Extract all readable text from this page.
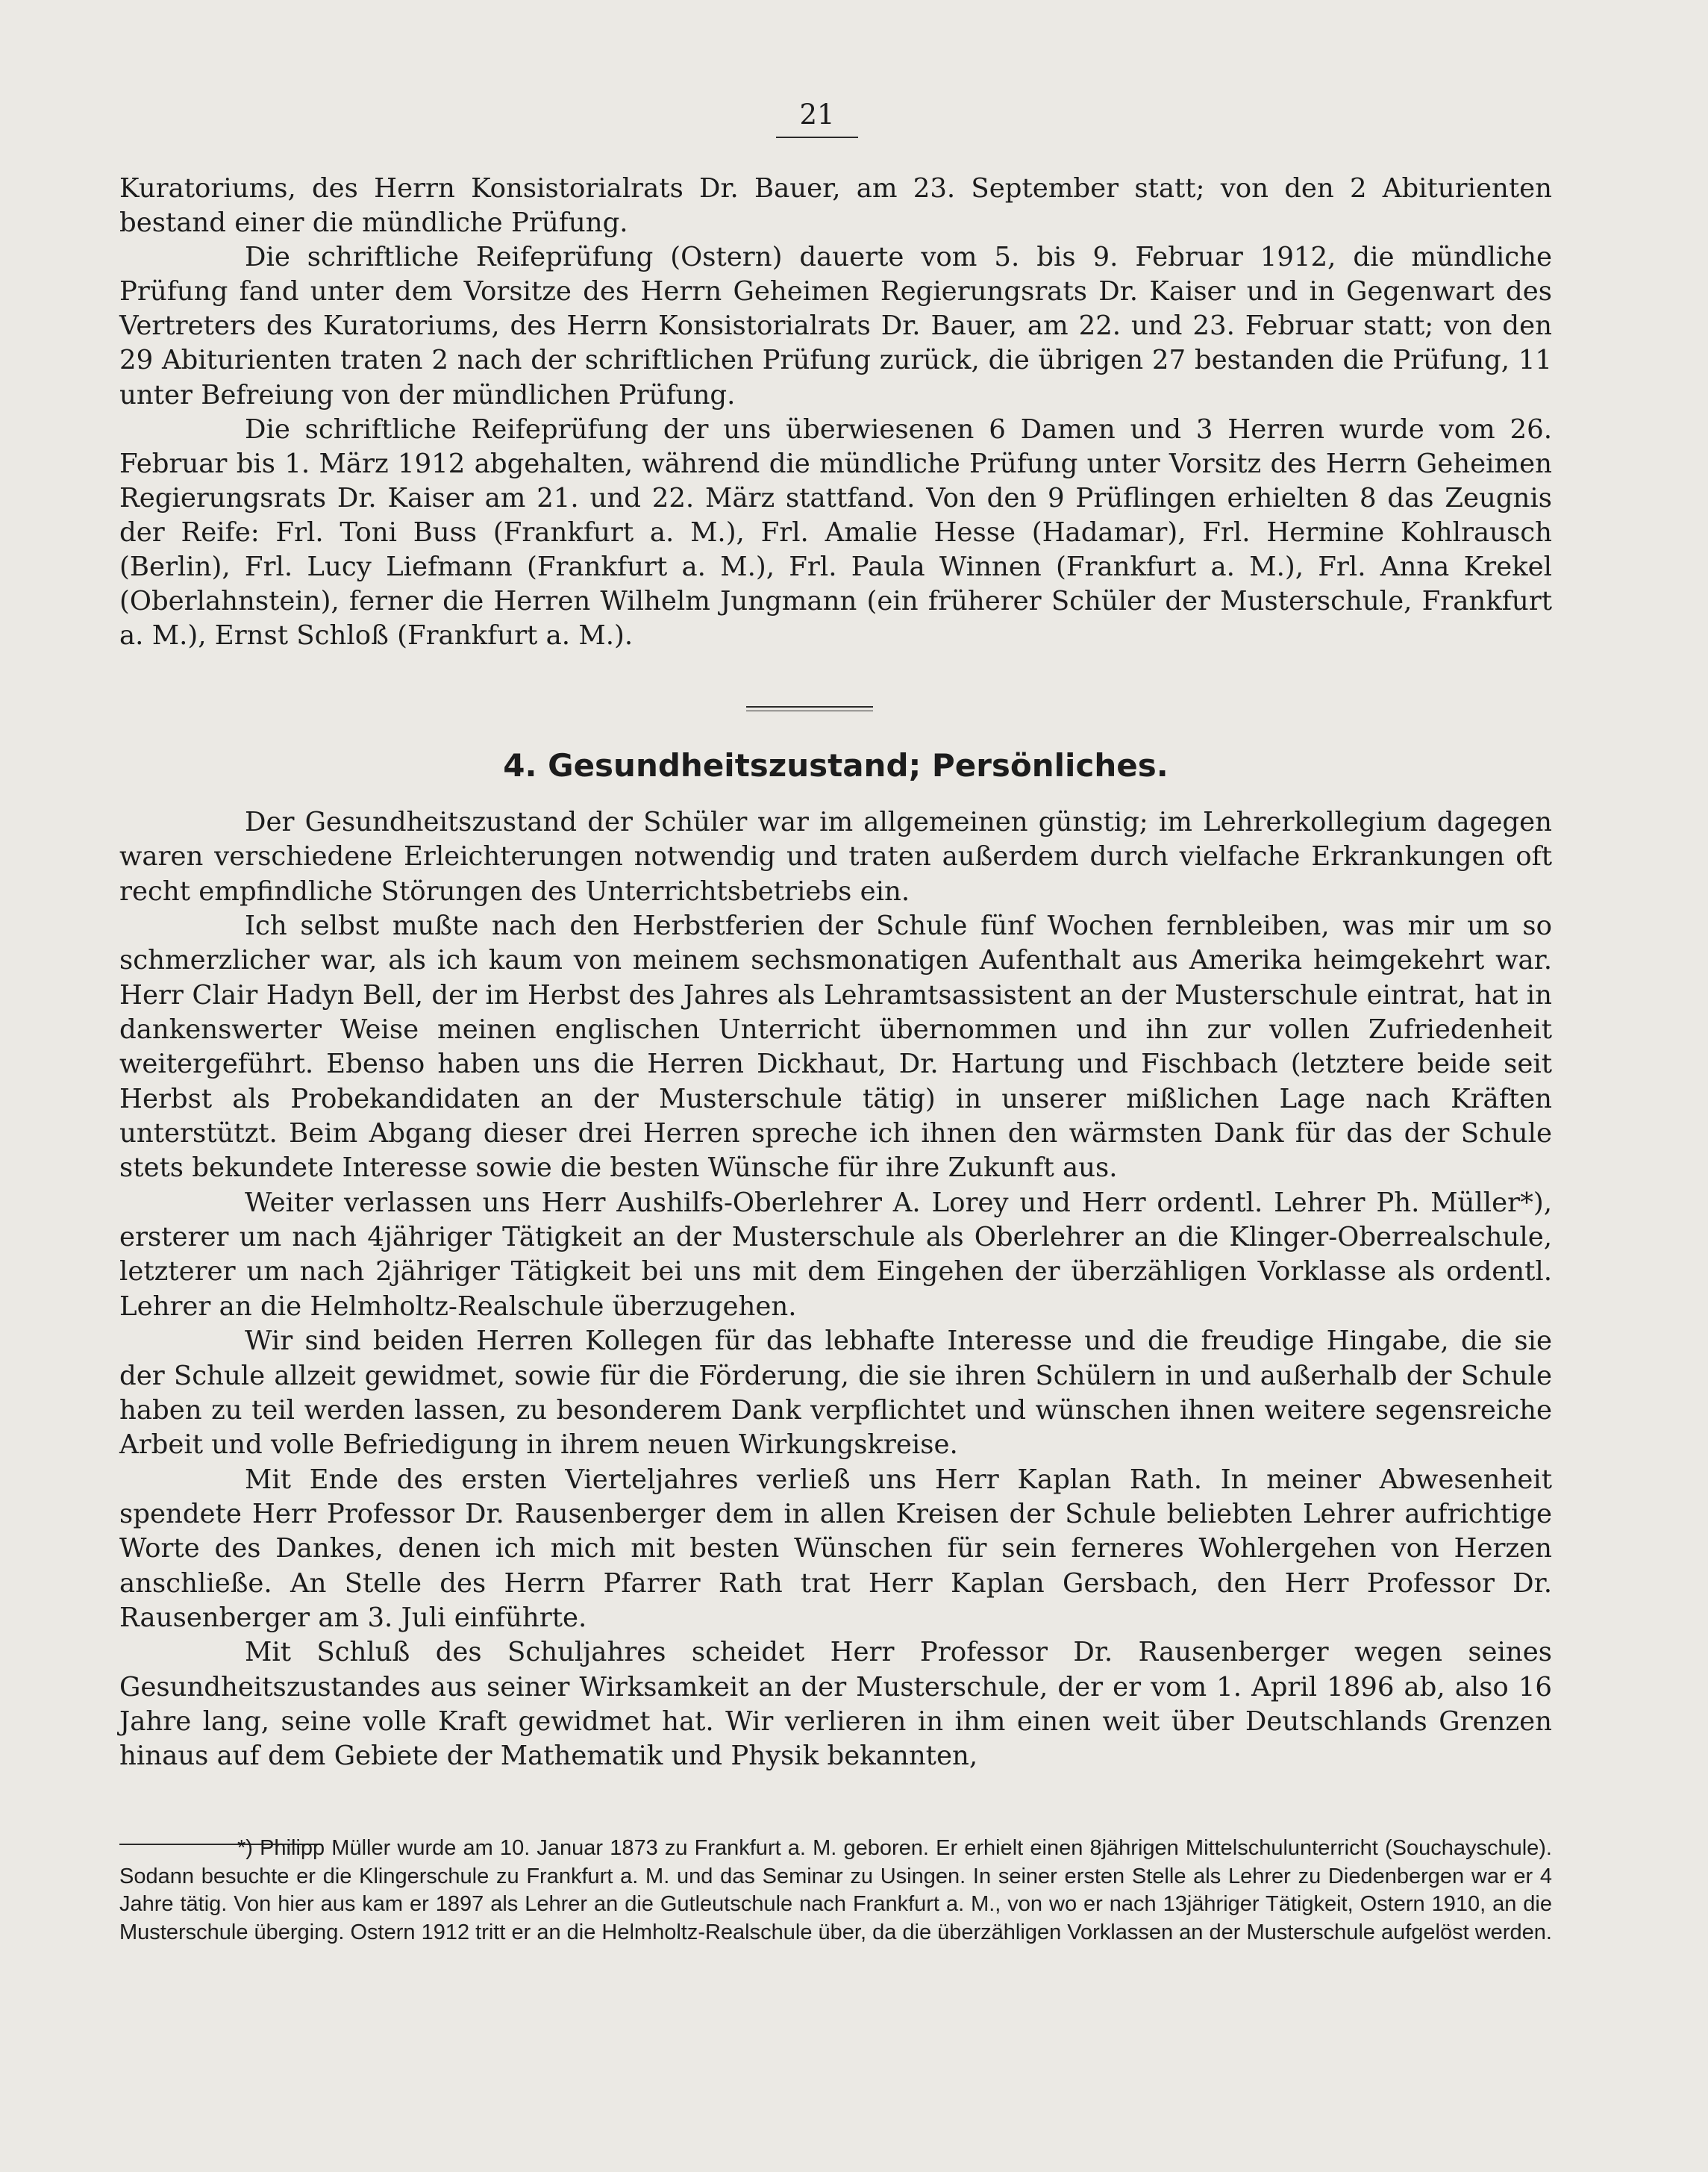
21

Kuratoriums, des Herrn Konsistorialrats Dr. Bauer, am 23. September statt; von den 2 Abiturienten bestand einer die mündliche Prüfung.

Die schriftliche Reifeprüfung (Ostern) dauerte vom 5. bis 9. Februar 1912, die mündliche Prüfung fand unter dem Vorsitze des Herrn Geheimen Regierungsrats Dr. Kaiser und in Gegenwart des Vertreters des Kuratoriums, des Herrn Konsistorialrats Dr. Bauer, am 22. und 23. Februar statt; von den 29 Abiturienten traten 2 nach der schriftlichen Prüfung zurück, die übrigen 27 bestanden die Prüfung, 11 unter Befreiung von der mündlichen Prüfung.

Die schriftliche Reifeprüfung der uns überwiesenen 6 Damen und 3 Herren wurde vom 26. Februar bis 1. März 1912 abgehalten, während die mündliche Prüfung unter Vorsitz des Herrn Geheimen Regierungsrats Dr. Kaiser am 21. und 22. März stattfand. Von den 9 Prüflingen erhielten 8 das Zeugnis der Reife: Frl. Toni Buss (Frankfurt a. M.), Frl. Amalie Hesse (Hadamar), Frl. Hermine Kohlrausch (Berlin), Frl. Lucy Liefmann (Frankfurt a. M.), Frl. Paula Winnen (Frankfurt a. M.), Frl. Anna Krekel (Oberlahnstein), ferner die Herren Wilhelm Jungmann (ein früherer Schüler der Musterschule, Frankfurt a. M.), Ernst Schloß (Frankfurt a. M.).

4. Gesundheitszustand; Persönliches.

Der Gesundheitszustand der Schüler war im allgemeinen günstig; im Lehrerkollegium dagegen waren verschiedene Erleichterungen notwendig und traten außerdem durch vielfache Erkrankungen oft recht empfindliche Störungen des Unterrichtsbetriebs ein.

Ich selbst mußte nach den Herbstferien der Schule fünf Wochen fernbleiben, was mir um so schmerzlicher war, als ich kaum von meinem sechsmonatigen Aufenthalt aus Amerika heimgekehrt war. Herr Clair Hadyn Bell, der im Herbst des Jahres als Lehramtsassistent an der Musterschule eintrat, hat in dankenswerter Weise meinen englischen Unterricht übernommen und ihn zur vollen Zufriedenheit weitergeführt. Ebenso haben uns die Herren Dickhaut, Dr. Hartung und Fischbach (letztere beide seit Herbst als Probekandidaten an der Musterschule tätig) in unserer mißlichen Lage nach Kräften unterstützt. Beim Abgang dieser drei Herren spreche ich ihnen den wärmsten Dank für das der Schule stets bekundete Interesse sowie die besten Wünsche für ihre Zukunft aus.

Weiter verlassen uns Herr Aushilfs-Oberlehrer A. Lorey und Herr ordentl. Lehrer Ph. Müller*), ersterer um nach 4jähriger Tätigkeit an der Musterschule als Oberlehrer an die Klinger-Oberrealschule, letzterer um nach 2jähriger Tätigkeit bei uns mit dem Eingehen der überzähligen Vorklasse als ordentl. Lehrer an die Helmholtz-Realschule überzugehen.

Wir sind beiden Herren Kollegen für das lebhafte Interesse und die freudige Hingabe, die sie der Schule allzeit gewidmet, sowie für die Förderung, die sie ihren Schülern in und außerhalb der Schule haben zu teil werden lassen, zu besonderem Dank verpflichtet und wünschen ihnen weitere segensreiche Arbeit und volle Befriedigung in ihrem neuen Wirkungskreise.

Mit Ende des ersten Vierteljahres verließ uns Herr Kaplan Rath. In meiner Abwesenheit spendete Herr Professor Dr. Rausenberger dem in allen Kreisen der Schule beliebten Lehrer aufrichtige Worte des Dankes, denen ich mich mit besten Wünschen für sein ferneres Wohlergehen von Herzen anschließe. An Stelle des Herrn Pfarrer Rath trat Herr Kaplan Gersbach, den Herr Professor Dr. Rausenberger am 3. Juli einführte.

Mit Schluß des Schuljahres scheidet Herr Professor Dr. Rausenberger wegen seines Gesundheitszustandes aus seiner Wirksamkeit an der Musterschule, der er vom 1. April 1896 ab, also 16 Jahre lang, seine volle Kraft gewidmet hat. Wir verlieren in ihm einen weit über Deutschlands Grenzen hinaus auf dem Gebiete der Mathematik und Physik bekannten,

*) Philipp Müller wurde am 10. Januar 1873 zu Frankfurt a. M. geboren. Er erhielt einen 8jährigen Mittelschulunterricht (Souchayschule). Sodann besuchte er die Klingerschule zu Frankfurt a. M. und das Seminar zu Usingen. In seiner ersten Stelle als Lehrer zu Diedenbergen war er 4 Jahre tätig. Von hier aus kam er 1897 als Lehrer an die Gutleutschule nach Frankfurt a. M., von wo er nach 13jähriger Tätigkeit, Ostern 1910, an die Musterschule überging. Ostern 1912 tritt er an die Helmholtz-Realschule über, da die überzähligen Vorklassen an der Musterschule aufgelöst werden.
